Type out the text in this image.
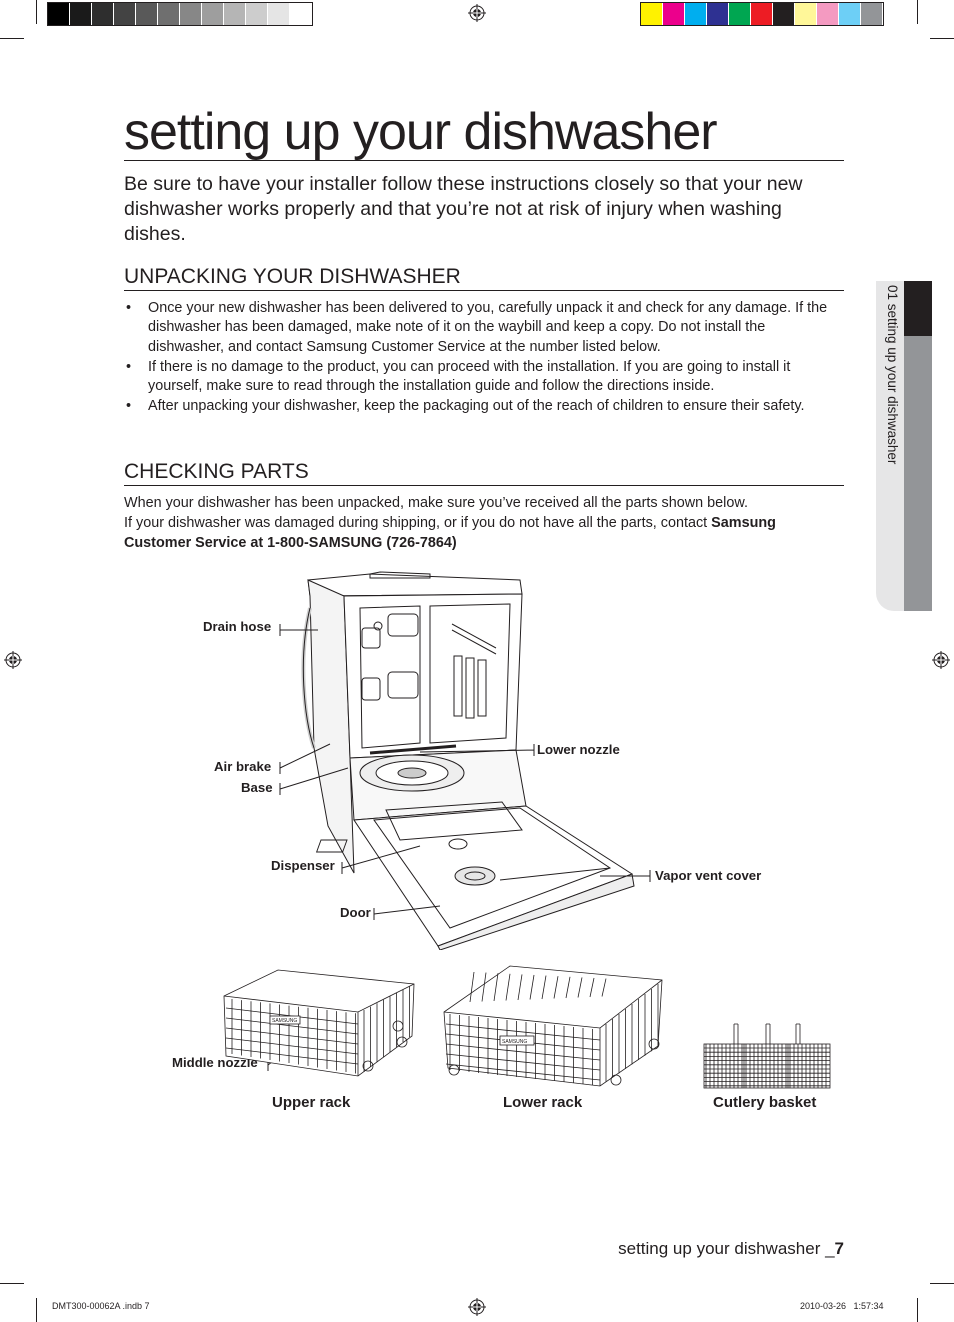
01 setting up your dishwasher
setting up your dishwasher
Be sure to have your installer follow these instructions closely so that your new dishwasher works properly and that you’re not at risk of injury when washing dishes.
UNPACKING YOUR DISHWASHER
• Once your new dishwasher has been delivered to you, carefully unpack it and check for any damage. If the dishwasher has been damaged, make note of it on the waybill and keep a copy. Do not install the dishwasher, and contact Samsung Customer Service at the number listed below.
• If there is no damage to the product, you can proceed with the installation. If you are going to install it yourself, make sure to read through the installation guide and follow the directions inside.
• After unpacking your dishwasher, keep the packaging out of the reach of children to ensure their safety.
CHECKING PARTS
When your dishwasher has been unpacked, make sure you’ve received all the parts shown below.
If your dishwasher was damaged during shipping, or if you do not have all the parts, contact Samsung Customer Service at 1-800-SAMSUNG (726-7864)
Drain hose
Air brake
Base
Dispenser
Door
Lower nozzle
Vapor vent cover
Middle nozzle
SAMSUNG
Upper rack
SAMSUNG
Lower rack	Cutlery basket
setting up your dishwasher _7
DMT300-00062A .indb 7	2010-03-26   1:57:34
